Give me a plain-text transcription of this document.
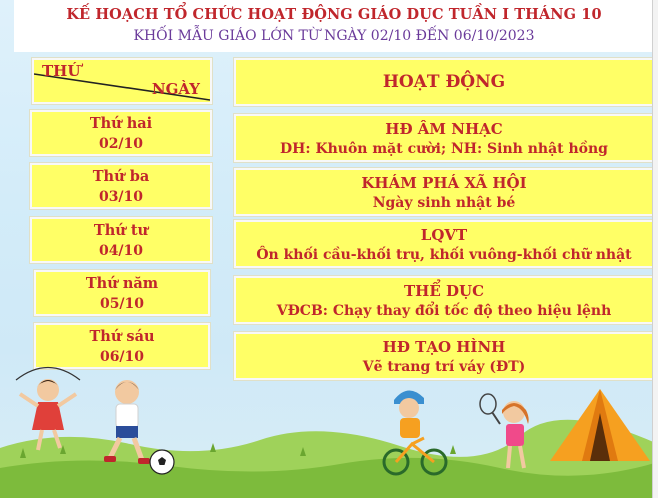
KẾ HOẠCH TỔ CHỨC HOẠT ĐỘNG GIÁO DỤC TUẦN I THÁNG 10
KHỐI MẪU GIÁO LỚN TỪ NGÀY 02/10 ĐẾN 06/10/2023
THỨ
NGÀY	HOẠT ĐỘNG
Thứ hai
02/10
HĐ ÂM NHẠC
DH: Khuôn mặt cười; NH: Sinh nhật hồng
Thứ ba
03/10
KHÁM PHÁ XÃ HỘI
Ngày sinh nhật bé
Thứ tư
04/10
LQVT
Ôn khối cầu-khối trụ, khối vuông-khối chữ nhật
Thứ năm
05/10
THỂ DỤC
VĐCB: Chạy thay đổi tốc độ theo hiệu lệnh
Thứ sáu
06/10
HĐ TẠO HÌNH
Vẽ trang trí váy (ĐT)
